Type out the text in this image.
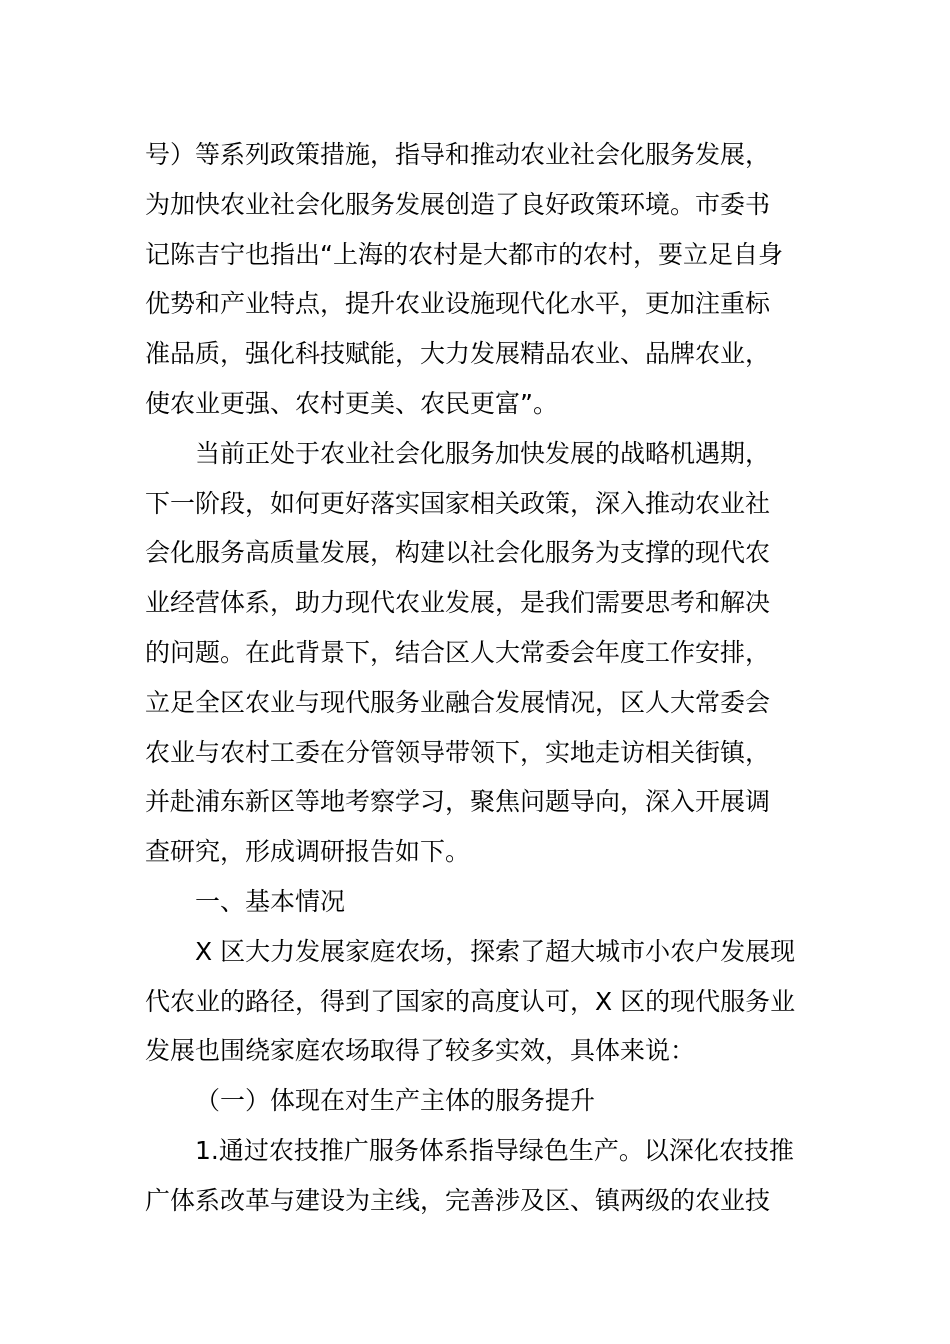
号）等系列政策措施，指导和推动农业社会化服务发展，
为加快农业社会化服务发展创造了良好政策环境。市委书
记陈吉宁也指出“上海的农村是大都市的农村，要立足自身
优势和产业特点，提升农业设施现代化水平，更加注重标
准品质，强化科技赋能，大力发展精品农业、品牌农业，
使农业更强、农村更美、农民更富”。
当前正处于农业社会化服务加快发展的战略机遇期，
下一阶段，如何更好落实国家相关政策，深入推动农业社
会化服务高质量发展，构建以社会化服务为支撑的现代农
业经营体系，助力现代农业发展，是我们需要思考和解决
的问题。在此背景下，结合区人大常委会年度工作安排，
立足全区农业与现代服务业融合发展情况，区人大常委会
农业与农村工委在分管领导带领下，实地走访相关街镇，
并赴浦东新区等地考察学习，聚焦问题导向，深入开展调
查研究，形成调研报告如下。
一、基本情况
X 区大力发展家庭农场，探索了超大城市小农户发展现
代农业的路径，得到了国家的高度认可，X 区的现代服务业
发展也围绕家庭农场取得了较多实效，具体来说：
（一）体现在对生产主体的服务提升
1.通过农技推广服务体系指导绿色生产。以深化农技推
广体系改革与建设为主线，完善涉及区、镇两级的农业技
